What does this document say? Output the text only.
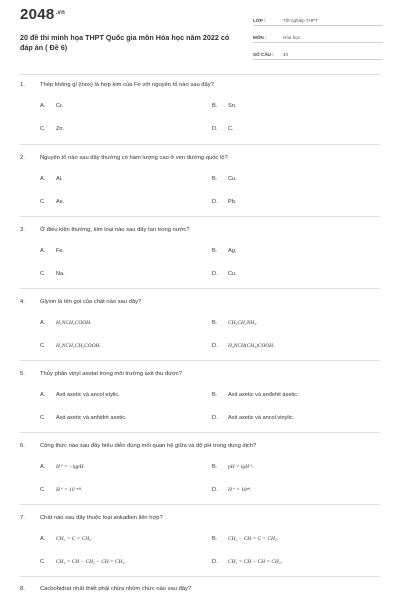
$2048^{.vn}$
20 đề thi minh họa THPT Quốc gia môn Hóa học năm 2022 có đáp án ( Đề 6)
LỚP :	Tốt nghiệp THPT
MÔN :	Hóa học
SỐ CÂU :	40
1.	Thép không gỉ (inox) là hợp kim của Fe với nguyên tố nào sau đây?
A. Cr.	B. Sn.
C. Zn.	D. C.
2.	Nguyên tố nào sau đây thường có hàm lượng cao ở ven đường quốc lộ?
A. Al.	B. Cu.
C. As.	D. Pb.
3.	Ở điều kiện thường, kim loại nào sau đây tan trong nước?
A. Fe.	B. Ag.
C. Na.	D. Cu.
4.	Glyxin là tên gọi của chất nào sau đây?
A. H₂NCH₂COOH.	B. CH₃CH₂NH₂.
C. H₂NCH₂CH₂COOH.	D. H₂NCH(CH₃)COOH.
5.	Thủy phân vinyl axetat trong môi trường axit thu được?
A. Axit axetic và ancol etylic.	B. Axit axetic và anđehit axetic.
C. Axit axetic và anhiđrit axetic.	D. Axit axetic và ancol vinylic.
6.	Công thức nào sau đây biểu diễn đúng mối quan hệ giữa và độ pH trong dung dịch?
A. H⁺ = −lgpH.	B. pH = lgH⁺.
C. H⁺ = 10⁻ᵖᴴ.	D. H⁺ = 10ᵖᴴ.
7.	Chất nào sau đây thuộc loại ankađien liên hợp?
A. CH₂ = C = CH₂.	B. CH₂ − CH = C = CH₂.
C. CH₂ = CH − CH₂ − CH = CH₂.	D. CH₂ = CH − CH = CH₂.
8.	Cacbohiđrat nhất thiết phải chứa nhóm chức nào sau đây?
